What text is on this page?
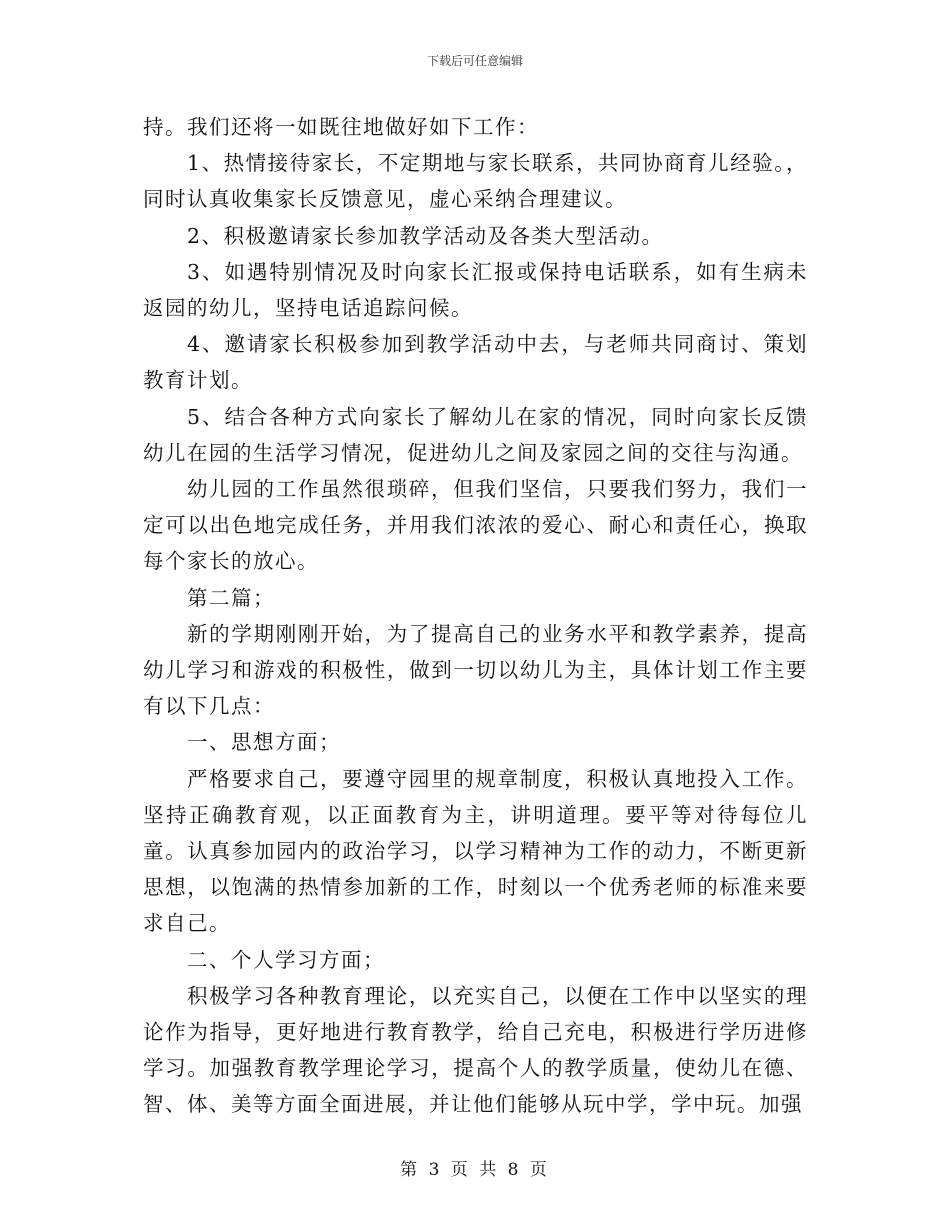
下载后可任意编辑

持。我们还将一如既往地做好如下工作：

1、热情接待家长，不定期地与家长联系，共同协商育儿经验。，同时认真收集家长反馈意见，虚心采纳合理建议。

2、积极邀请家长参加教学活动及各类大型活动。

3、如遇特别情况及时向家长汇报或保持电话联系，如有生病未返园的幼儿，坚持电话追踪问候。

4、邀请家长积极参加到教学活动中去，与老师共同商讨、策划教育计划。

5、结合各种方式向家长了解幼儿在家的情况，同时向家长反馈幼儿在园的生活学习情况，促进幼儿之间及家园之间的交往与沟通。

幼儿园的工作虽然很琐碎，但我们坚信，只要我们努力，我们一定可以出色地完成任务，并用我们浓浓的爱心、耐心和责任心，换取每个家长的放心。

第二篇；

新的学期刚刚开始，为了提高自己的业务水平和教学素养，提高幼儿学习和游戏的积极性，做到一切以幼儿为主，具体计划工作主要有以下几点：

一、思想方面；

严格要求自己，要遵守园里的规章制度，积极认真地投入工作。坚持正确教育观，以正面教育为主，讲明道理。要平等对待每位儿童。认真参加园内的政治学习，以学习精神为工作的动力，不断更新思想，以饱满的热情参加新的工作，时刻以一个优秀老师的标准来要求自己。

二、个人学习方面；

积极学习各种教育理论，以充实自己，以便在工作中以坚实的理论作为指导，更好地进行教育教学，给自己充电，积极进行学历进修学习。加强教育教学理论学习，提高个人的教学质量，使幼儿在德、智、体、美等方面全面进展，并让他们能够从玩中学，学中玩。加强

第 3 页 共 8 页
